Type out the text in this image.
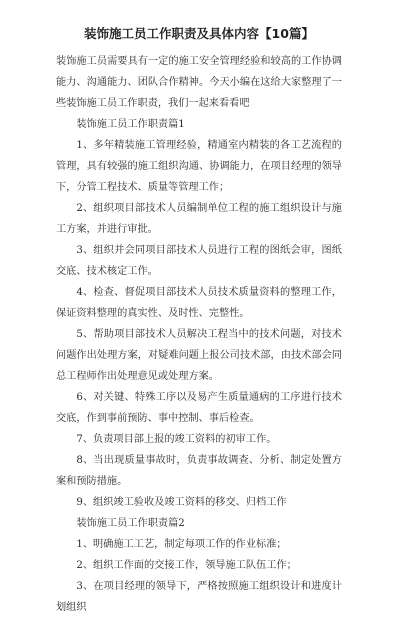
装饰施工员工作职责及具体内容【10篇】

装饰施工员需要具有一定的施工安全管理经验和较高的工作协调能力、沟通能力、团队合作精神。今天小编在这给大家整理了一些装饰施工员工作职责，我们一起来看看吧

装饰施工员工作职责篇1

1、多年精装施工管理经验，精通室内精装的各工艺流程的管理，具有较强的施工组织沟通、协调能力，在项目经理的领导下，分管工程技术、质量等管理工作；

2、组织项目部技术人员编制单位工程的施工组织设计与施工方案，并进行审批。

3、组织并会同项目部技术人员进行工程的图纸会审，图纸交底、技术核定工作。

4、检查、督促项目部技术人员技术质量资料的整理工作，保证资料整理的真实性、及时性、完整性。

5、帮助项目部技术人员解决工程当中的技术问题，对技术问题作出处理方案，对疑难问题上报公司技术部，由技术部会同总工程师作出处理意见或处理方案。

6、对关键、特殊工序以及易产生质量通病的工序进行技术交底，作到事前预防、事中控制、事后检查。

7、负责项目部上报的竣工资料的初审工作。

8、当出现质量事故时，负责事故调查、分析、制定处置方案和预防措施。

9、组织竣工验收及竣工资料的移交、归档工作

装饰施工员工作职责篇2

1、明确施工工艺，制定每项工作的作业标准；

2、组织工作面的交接工作，领导施工队伍工作；

3、在项目经理的领导下，严格按照施工组织设计和进度计划组织
